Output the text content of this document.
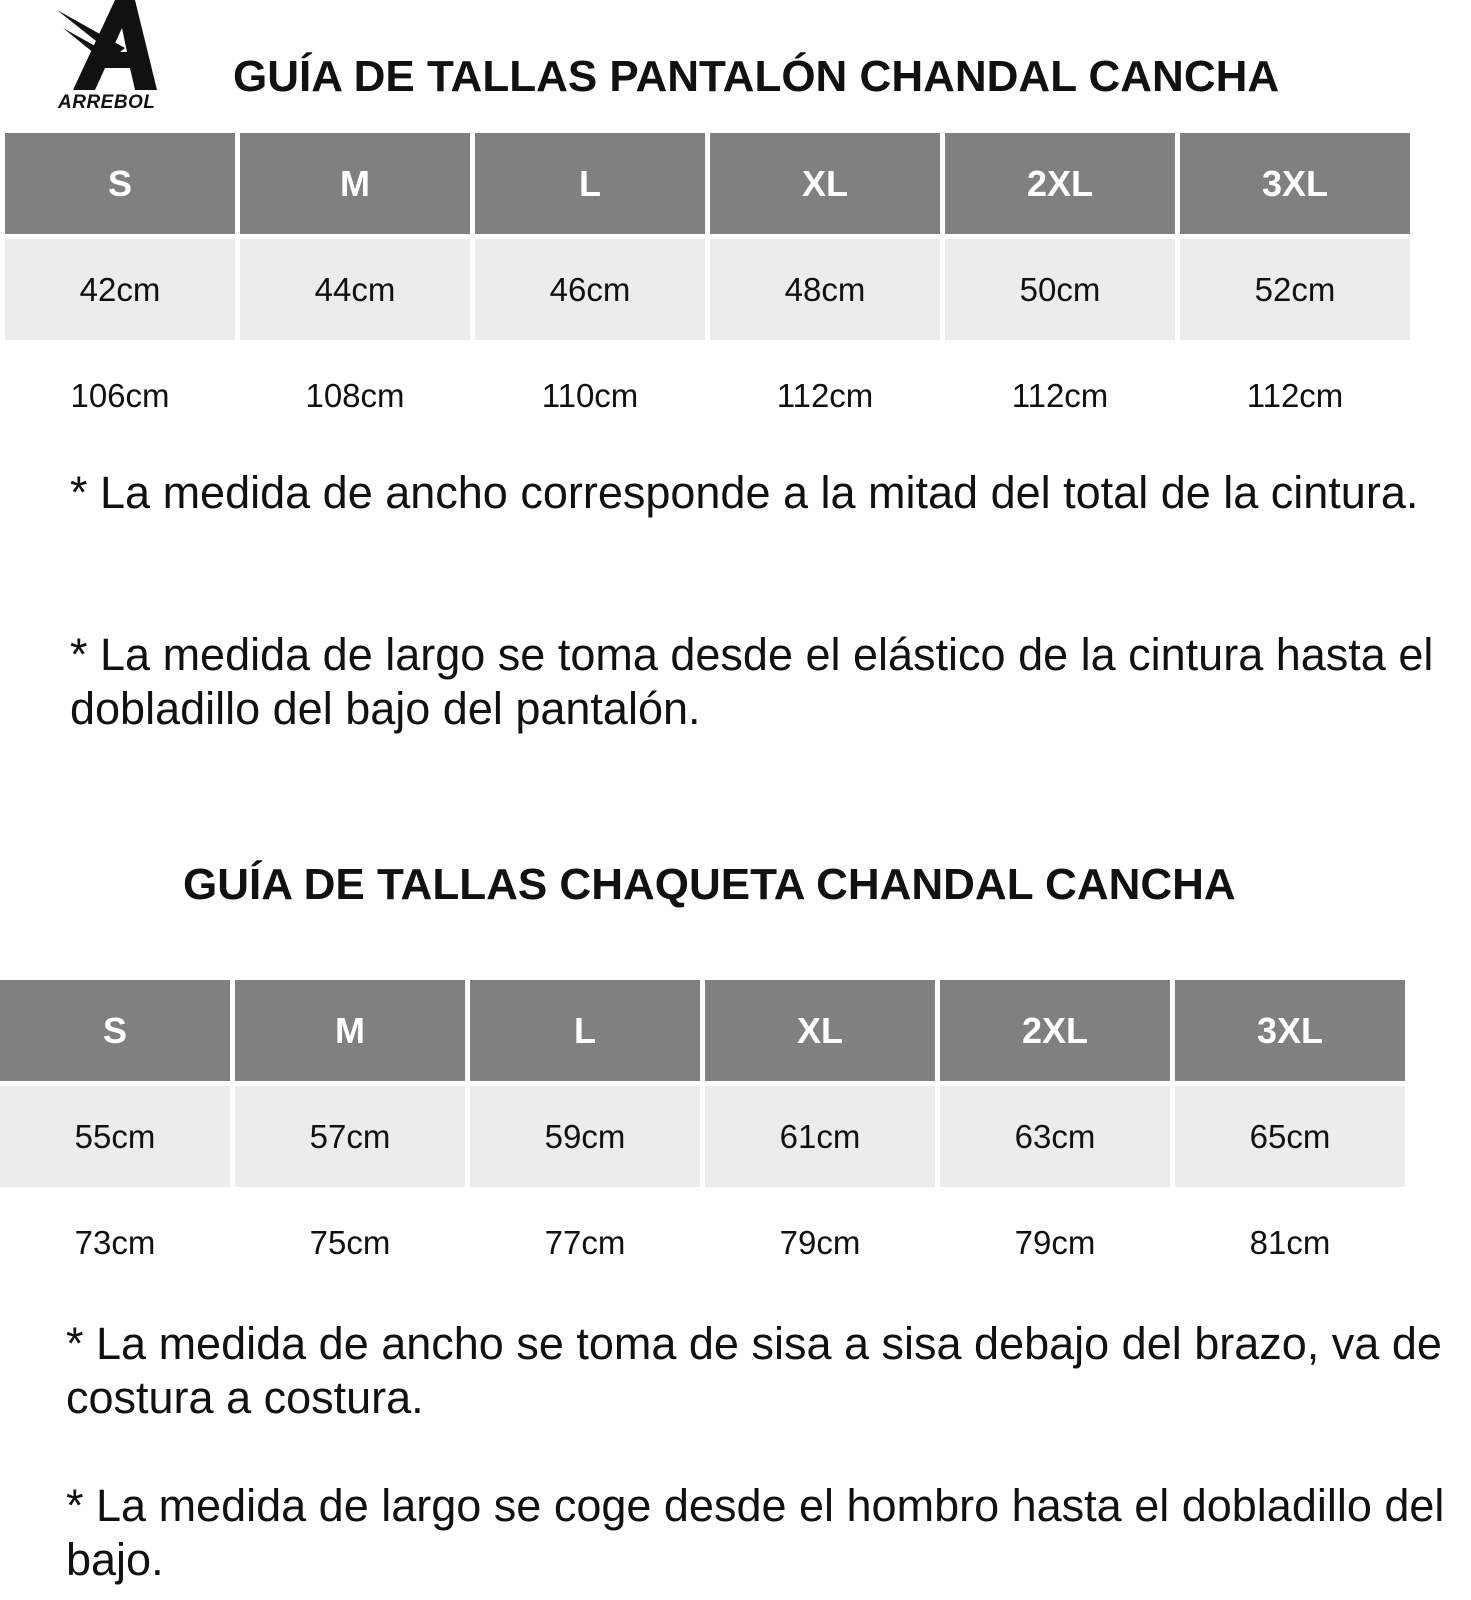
ARREBOL
GUÍA DE TALLAS PANTALÓN CHANDAL CANCHA
S	M	L	XL	2XL	3XL
42cm	44cm	46cm	48cm	50cm	52cm
106cm	108cm	110cm	112cm	112cm	112cm

* La medida de ancho corresponde a la mitad del total de la cintura.

* La medida de largo se toma desde el elástico de la cintura hasta el dobladillo del bajo del pantalón.

GUÍA DE TALLAS CHAQUETA CHANDAL CANCHA
S	M	L	XL	2XL	3XL
55cm	57cm	59cm	61cm	63cm	65cm
73cm	75cm	77cm	79cm	79cm	81cm

* La medida de ancho se toma de sisa a sisa debajo del brazo, va de costura a costura.

* La medida de largo se coge desde el hombro hasta el dobladillo del bajo.
